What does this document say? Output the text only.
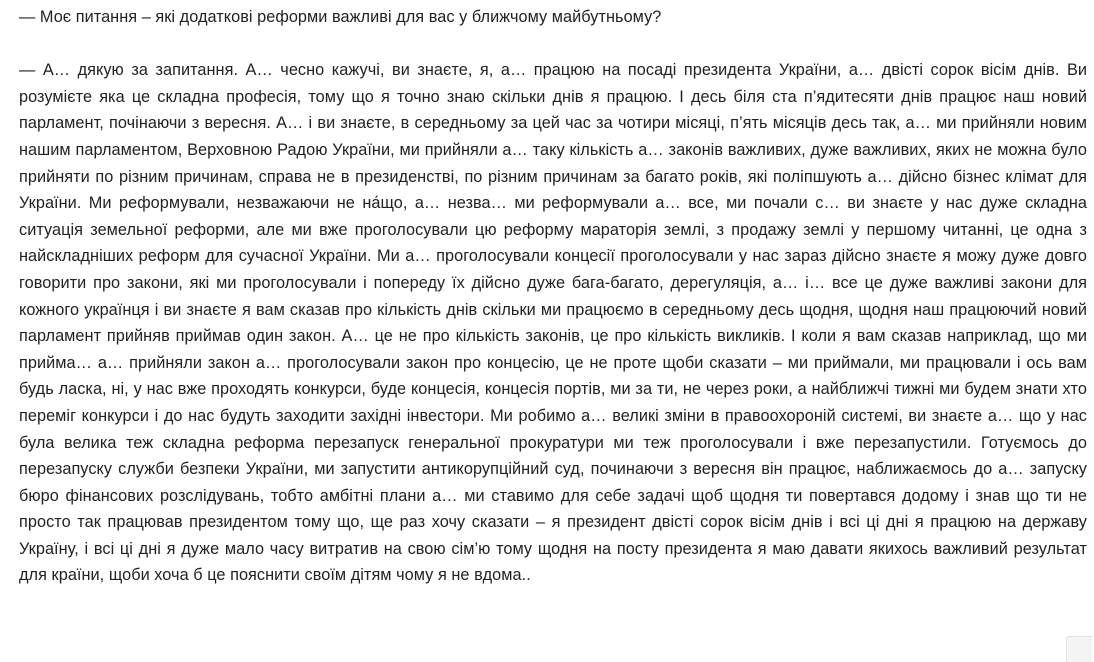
— Моє питання – які додаткові реформи важливі для вас у ближчому майбутньому?

— А… дякую за запитання. А… чесно кажучі, ви знаєте, я, а… працюю на посаді президента України, а… двісті сорок вісім днів. Ви розумієте яка це складна професія, тому що я точно знаю скільки днів я працюю. І десь біля ста п’ядитесяти днів працює наш новий парламент, почінаючи з вересня. А… і ви знаєте, в середньому за цей час за чотири місяці, п’ять місяців десь так, а… ми прийняли новим нашим парламентом, Верховною Радою України, ми прийняли а… таку кількість а… законів важливих, дуже важливих, яких не можна було прийняти по різним причинам, справа не в президенстві, по різним причинам за багато років, які поліпшують а… дійсно бізнес клімат для України. Ми реформували, незважаючи не на́що, а… незва… ми реформували а… все, ми почали с… ви знаєте у нас дуже складна ситуація земельної реформи, але ми вже проголосували цю реформу мараторія землі, з продажу землі у першому читанні, це одна з найскладніших реформ для сучасної України. Ми а… проголосували концесії проголосували у нас зараз дійсно знаєте я можу дуже довго говорити про закони, які ми проголосували і попереду їх дійсно дуже бага-багато, дерегуляція, а… і… все це дуже важливі закони для кожного українця і ви знаєте я вам сказав про кількість днів скільки ми працюємо в середньому десь щодня, щодня наш працюючий новий парламент прийняв приймав один закон. А… це не про кількість законів, це про кількість викликів. І коли я вам сказав наприклад, що ми прийма… а… прийняли закон а… проголосували закон про концесію, це не проте щоби сказати – ми приймали, ми працювали і ось вам будь ласка, ні, у нас вже проходять конкурси, буде концесія, концесія портів, ми за ти, не через роки, а найближчі тижні ми будем знати хто переміг конкурси і до нас будуть заходити західні інвестори. Ми робимо а… великі зміни в правоохороній системі, ви знаєте а… що у нас була велика теж складна реформа перезапуск генеральної прокуратури ми теж проголосували і вже перезапустили. Готуємось до перезапуску служби безпеки України, ми запустити антикорупційний суд, починаючи з вересня він працює, наближаємось до а… запуску бюро фінансових розслідувань, тобто амбітні плани а… ми ставимо для себе задачі щоб щодня ти повертався додому і знав що ти не просто так працював президентом тому що, ще раз хочу сказати – я президент двісті сорок вісім днів і всі ці дні я працюю на державу Україну, і всі ці дні я дуже мало часу витратив на свою сім’ю тому щодня на посту президента я маю давати якихось важливий результат для країни, щоби хоча б це пояснити своїм дітям чому я не вдома..
